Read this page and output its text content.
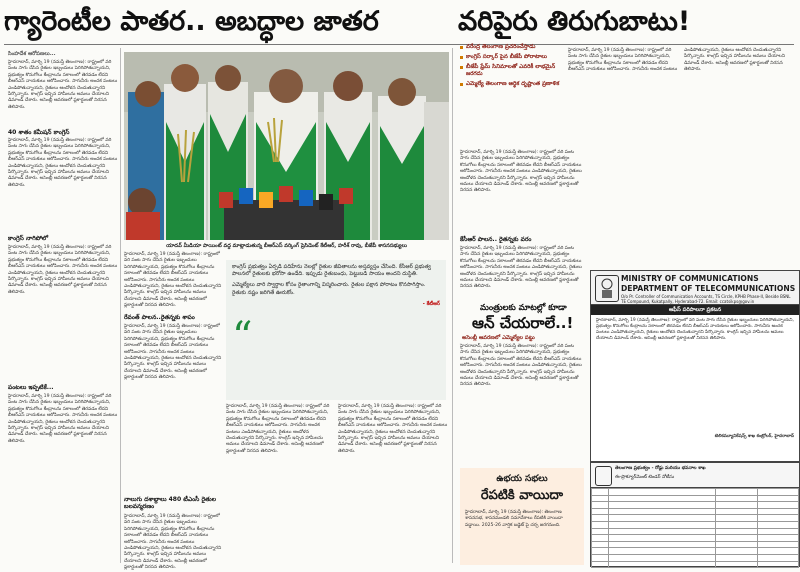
గ్యారెంటీల పాతర.. అబద్ధాల జాతర	వరిపైరు తిరుగుబాటు!
సింహదేశ ఆరోపణలు...
హైదరాబాద్, మార్చి 19 (నమస్తే తెలంగాణ): రాష్ట్రంలో వరి పంట సాగు చేసిన రైతుల ఇబ్బందులు పెరిగిపోతున్నాయని, ప్రభుత్వం కొనుగోలు కేంద్రాలను సకాలంలో తెరవడం లేదని బీఆర్ఎస్ నాయకులు ఆరోపించారు. సాగునీరు అందక పంటలు ఎండిపోతున్నాయని, రైతులు ఆందోళన చెందుతున్నారని పేర్కొన్నారు. కాంగ్రెస్ ఇచ్చిన హామీలను అమలు చేయాలని డిమాండ్ చేశారు. అసెంబ్లీ ఆవరణలో ప్లకార్డులతో నిరసన తెలిపారు.
40 శాతం కమీషన్ కాంగ్రెస్
హైదరాబాద్, మార్చి 19 (నమస్తే తెలంగాణ): రాష్ట్రంలో వరి పంట సాగు చేసిన రైతుల ఇబ్బందులు పెరిగిపోతున్నాయని, ప్రభుత్వం కొనుగోలు కేంద్రాలను సకాలంలో తెరవడం లేదని బీఆర్ఎస్ నాయకులు ఆరోపించారు. సాగునీరు అందక పంటలు ఎండిపోతున్నాయని, రైతులు ఆందోళన చెందుతున్నారని పేర్కొన్నారు. కాంగ్రెస్ ఇచ్చిన హామీలను అమలు చేయాలని డిమాండ్ చేశారు. అసెంబ్లీ ఆవరణలో ప్లకార్డులతో నిరసన తెలిపారు.
కాంగ్రెస్ నాగిపోలో
హైదరాబాద్, మార్చి 19 (నమస్తే తెలంగాణ): రాష్ట్రంలో వరి పంట సాగు చేసిన రైతుల ఇబ్బందులు పెరిగిపోతున్నాయని, ప్రభుత్వం కొనుగోలు కేంద్రాలను సకాలంలో తెరవడం లేదని బీఆర్ఎస్ నాయకులు ఆరోపించారు. సాగునీరు అందక పంటలు ఎండిపోతున్నాయని, రైతులు ఆందోళన చెందుతున్నారని పేర్కొన్నారు. కాంగ్రెస్ ఇచ్చిన హామీలను అమలు చేయాలని డిమాండ్ చేశారు. అసెంబ్లీ ఆవరణలో ప్లకార్డులతో నిరసన తెలిపారు.
పంటలు ఇప్పటికే...
హైదరాబాద్, మార్చి 19 (నమస్తే తెలంగాణ): రాష్ట్రంలో వరి పంట సాగు చేసిన రైతుల ఇబ్బందులు పెరిగిపోతున్నాయని, ప్రభుత్వం కొనుగోలు కేంద్రాలను సకాలంలో తెరవడం లేదని బీఆర్ఎస్ నాయకులు ఆరోపించారు. సాగునీరు అందక పంటలు ఎండిపోతున్నాయని, రైతులు ఆందోళన చెందుతున్నారని పేర్కొన్నారు. కాంగ్రెస్ ఇచ్చిన హామీలను అమలు చేయాలని డిమాండ్ చేశారు. అసెంబ్లీ ఆవరణలో ప్లకార్డులతో నిరసన తెలిపారు.
యాదవ్ మీడియా పాయింట్ వద్ద మాట్లాడుతున్న బీఆర్ఎస్ వర్కింగ్ ప్రెసిడెంట్ కేటీఆర్, హరీశ్ రావు, బీజేపీ శాసనసభ్యులు
హైదరాబాద్, మార్చి 19 (నమస్తే తెలంగాణ): రాష్ట్రంలో వరి పంట సాగు చేసిన రైతుల ఇబ్బందులు పెరిగిపోతున్నాయని, ప్రభుత్వం కొనుగోలు కేంద్రాలను సకాలంలో తెరవడం లేదని బీఆర్ఎస్ నాయకులు ఆరోపించారు. సాగునీరు అందక పంటలు ఎండిపోతున్నాయని, రైతులు ఆందోళన చెందుతున్నారని పేర్కొన్నారు. కాంగ్రెస్ ఇచ్చిన హామీలను అమలు చేయాలని డిమాండ్ చేశారు. అసెంబ్లీ ఆవరణలో ప్లకార్డులతో నిరసన తెలిపారు.
రేవంత్ పాలన..రైతన్నకు శాపం
హైదరాబాద్, మార్చి 19 (నమస్తే తెలంగాణ): రాష్ట్రంలో వరి పంట సాగు చేసిన రైతుల ఇబ్బందులు పెరిగిపోతున్నాయని, ప్రభుత్వం కొనుగోలు కేంద్రాలను సకాలంలో తెరవడం లేదని బీఆర్ఎస్ నాయకులు ఆరోపించారు. సాగునీరు అందక పంటలు ఎండిపోతున్నాయని, రైతులు ఆందోళన చెందుతున్నారని పేర్కొన్నారు. కాంగ్రెస్ ఇచ్చిన హామీలను అమలు చేయాలని డిమాండ్ చేశారు. అసెంబ్లీ ఆవరణలో ప్లకార్డులతో నిరసన తెలిపారు.
నాలుగు దశాబ్దాలు 480 టీఎంసీ రైతుల బలవన్మరణం
హైదరాబాద్, మార్చి 19 (నమస్తే తెలంగాణ): రాష్ట్రంలో వరి పంట సాగు చేసిన రైతుల ఇబ్బందులు పెరిగిపోతున్నాయని, ప్రభుత్వం కొనుగోలు కేంద్రాలను సకాలంలో తెరవడం లేదని బీఆర్ఎస్ నాయకులు ఆరోపించారు. సాగునీరు అందక పంటలు ఎండిపోతున్నాయని, రైతులు ఆందోళన చెందుతున్నారని పేర్కొన్నారు. కాంగ్రెస్ ఇచ్చిన హామీలను అమలు చేయాలని డిమాండ్ చేశారు. అసెంబ్లీ ఆవరణలో ప్లకార్డులతో నిరసన తెలిపారు.

కాంగ్రెస్ ప్రభుత్వం ఏర్పడి పదిహేను నెలల్లో రైతుల జీవితాలను అస్తవ్యస్తం చేసింది. కేసీఆర్ ప్రభుత్వ పాలనలో రైతులకు భరోసా ఉండేది. ఇప్పుడు రైతుబంధు, పెట్టుబడి సాయం అందని దుస్థితి.

ఎమ్మెల్యేలు వారి స్వార్థాల కోసం రైతాంగాన్ని విస్మరించారు. రైతుల పక్షాన పోరాటం కొనసాగిస్తాం. రైతుకు నష్టం జరిగితే ఊరుకోం.

- కేటీఆర్
“
హైదరాబాద్, మార్చి 19 (నమస్తే తెలంగాణ): రాష్ట్రంలో వరి పంట సాగు చేసిన రైతుల ఇబ్బందులు పెరిగిపోతున్నాయని, ప్రభుత్వం కొనుగోలు కేంద్రాలను సకాలంలో తెరవడం లేదని బీఆర్ఎస్ నాయకులు ఆరోపించారు. సాగునీరు అందక పంటలు ఎండిపోతున్నాయని, రైతులు ఆందోళన చెందుతున్నారని పేర్కొన్నారు. కాంగ్రెస్ ఇచ్చిన హామీలను అమలు చేయాలని డిమాండ్ చేశారు. అసెంబ్లీ ఆవరణలో ప్లకార్డులతో నిరసన తెలిపారు.
హైదరాబాద్, మార్చి 19 (నమస్తే తెలంగాణ): రాష్ట్రంలో వరి పంట సాగు చేసిన రైతుల ఇబ్బందులు పెరిగిపోతున్నాయని, ప్రభుత్వం కొనుగోలు కేంద్రాలను సకాలంలో తెరవడం లేదని బీఆర్ఎస్ నాయకులు ఆరోపించారు. సాగునీరు అందక పంటలు ఎండిపోతున్నాయని, రైతులు ఆందోళన చెందుతున్నారని పేర్కొన్నారు. కాంగ్రెస్ ఇచ్చిన హామీలను అమలు చేయాలని డిమాండ్ చేశారు. అసెంబ్లీ ఆవరణలో ప్లకార్డులతో నిరసన తెలిపారు.
వరేంద్ర తెలంగాణ ప్రచరించేస్తాడు
కాంగ్రెస్ సర్కార్ పైన బీజేపీ పోరాటాలు
బీజేపీ ఫ్రేమ్ సినిమాలతో ఎవరికీ లాభమైన్ జరగదు
ఎమ్మెల్యే తెలంగాణ ఆర్థిక దృష్టాంత ప్రణాళిక
హైదరాబాద్, మార్చి 19 (నమస్తే తెలంగాణ): రాష్ట్రంలో వరి పంట సాగు చేసిన రైతుల ఇబ్బందులు పెరిగిపోతున్నాయని, ప్రభుత్వం కొనుగోలు కేంద్రాలను సకాలంలో తెరవడం లేదని బీఆర్ఎస్ నాయకులు ఆరోపించారు. సాగునీరు అందక పంటలు ఎండిపోతున్నాయని, రైతులు ఆందోళన చెందుతున్నారని పేర్కొన్నారు. కాంగ్రెస్ ఇచ్చిన హామీలను అమలు చేయాలని డిమాండ్ చేశారు. అసెంబ్లీ ఆవరణలో ప్లకార్డులతో నిరసన తెలిపారు.
కేసీఆర్ పాలన.. రైతన్నకు వరం
హైదరాబాద్, మార్చి 19 (నమస్తే తెలంగాణ): రాష్ట్రంలో వరి పంట సాగు చేసిన రైతుల ఇబ్బందులు పెరిగిపోతున్నాయని, ప్రభుత్వం కొనుగోలు కేంద్రాలను సకాలంలో తెరవడం లేదని బీఆర్ఎస్ నాయకులు ఆరోపించారు. సాగునీరు అందక పంటలు ఎండిపోతున్నాయని, రైతులు ఆందోళన చెందుతున్నారని పేర్కొన్నారు. కాంగ్రెస్ ఇచ్చిన హామీలను అమలు చేయాలని డిమాండ్ చేశారు. అసెంబ్లీ ఆవరణలో ప్లకార్డులతో నిరసన తెలిపారు.
హైదరాబాద్, మార్చి 19 (నమస్తే తెలంగాణ): రాష్ట్రంలో వరి పంట సాగు చేసిన రైతుల ఇబ్బందులు పెరిగిపోతున్నాయని, ప్రభుత్వం కొనుగోలు కేంద్రాలను సకాలంలో తెరవడం లేదని బీఆర్ఎస్ నాయకులు ఆరోపించారు. సాగునీరు అందక పంటలు ఎండిపోతున్నాయని, రైతులు ఆందోళన చెందుతున్నారని పేర్కొన్నారు. కాంగ్రెస్ ఇచ్చిన హామీలను అమలు చేయాలని డిమాండ్ చేశారు. అసెంబ్లీ ఆవరణలో ప్లకార్డులతో నిరసన తెలిపారు.
మంత్రులకు మాటల్లో కూడా
ఆన్ చేయరాలే..!
అసెంబ్లీ ఆవరణలో ఎమ్మెల్యేల పట్టు
హైదరాబాద్, మార్చి 19 (నమస్తే తెలంగాణ): రాష్ట్రంలో వరి పంట సాగు చేసిన రైతుల ఇబ్బందులు పెరిగిపోతున్నాయని, ప్రభుత్వం కొనుగోలు కేంద్రాలను సకాలంలో తెరవడం లేదని బీఆర్ఎస్ నాయకులు ఆరోపించారు. సాగునీరు అందక పంటలు ఎండిపోతున్నాయని, రైతులు ఆందోళన చెందుతున్నారని పేర్కొన్నారు. కాంగ్రెస్ ఇచ్చిన హామీలను అమలు చేయాలని డిమాండ్ చేశారు. అసెంబ్లీ ఆవరణలో ప్లకార్డులతో నిరసన తెలిపారు.
ఉభయ సభలు
రేపటికి వాయిదా
హైదరాబాద్, మార్చి 19 (నమస్తే తెలంగాణ): తెలంగాణ శాసనసభ, శాసనమండలి సమావేశాలు రేపటికి వాయిదా పడ్డాయి. 2025-26 వార్షిక బడ్జెట్ పై చర్చ జరగనుంది.
MINISTRY OF COMMUNICATIONS
DEPARTMENT OF TELECOMMUNICATIONS
O/o Pr. Controller of Communication Accounts, TS Circle, KPHB Phase-II, Beside BSNL TE Compound, Kukatpally, Hyderabad-72. Email: ccatsikps@gov.in
ఆఫీస్ పరిపాలనా ప్రకటన
హైదరాబాద్, మార్చి 19 (నమస్తే తెలంగాణ): రాష్ట్రంలో వరి పంట సాగు చేసిన రైతుల ఇబ్బందులు పెరిగిపోతున్నాయని, ప్రభుత్వం కొనుగోలు కేంద్రాలను సకాలంలో తెరవడం లేదని బీఆర్ఎస్ నాయకులు ఆరోపించారు. సాగునీరు అందక పంటలు ఎండిపోతున్నాయని, రైతులు ఆందోళన చెందుతున్నారని పేర్కొన్నారు. కాంగ్రెస్ ఇచ్చిన హామీలను అమలు చేయాలని డిమాండ్ చేశారు. అసెంబ్లీ ఆవరణలో ప్లకార్డులతో నిరసన తెలిపారు.
టెలికమ్యూనికేషన్స్ శాఖ కంట్రోలర్, హైదరాబాద్
తెలంగాణ ప్రభుత్వం - రోడ్లు మరియు భవనాల శాఖ
ఈ-ప్రొక్యూర్‌మెంట్ టెండర్ నోటీసు
